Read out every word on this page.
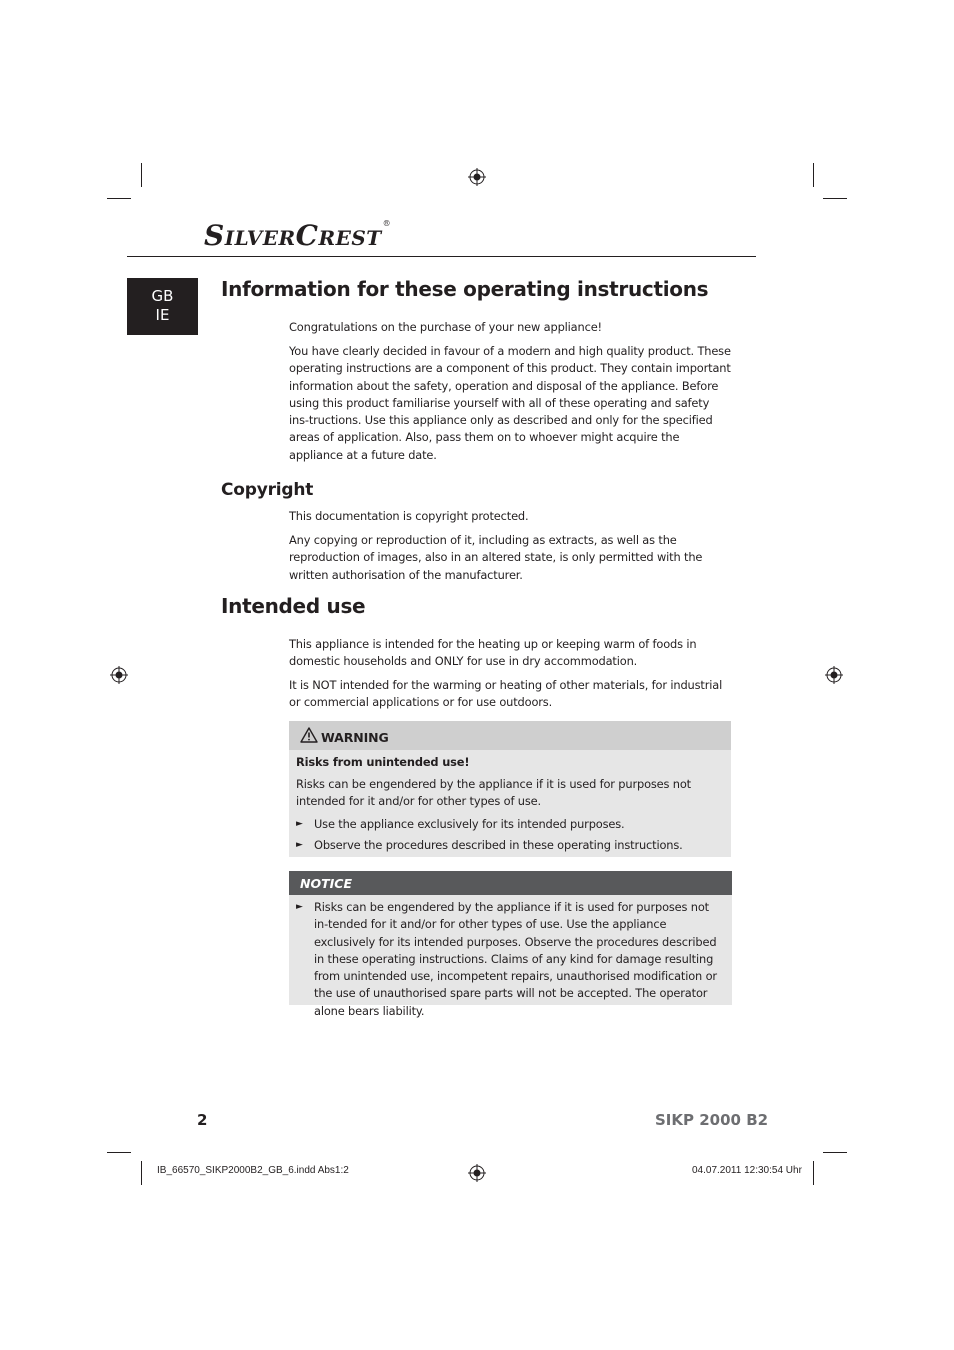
SILVERCREST®
GB
IE
Information for these operating instructions

Congratulations on the purchase of your new appliance!

You have clearly decided in favour of a modern and high quality product. These operating instructions are a component of this product. They contain important information about the safety, operation and disposal of the appliance. Before using this product familiarise yourself with all of these operating and safety ins-tructions. Use this appliance only as described and only for the specified areas of application. Also, pass them on to whoever might acquire the appliance at a future date.

Copyright

This documentation is copyright protected.

Any copying or reproduction of it, including as extracts, as well as the reproduction of images, also in an altered state, is only permitted with the written authorisation of the manufacturer.

Intended use

This appliance is intended for the heating up or keeping warm of foods in domestic households and ONLY for use in dry accommodation.

It is NOT intended for the warming or heating of other materials, for industrial or commercial applications or for use outdoors.

WARNING
Risks from unintended use!
Risks can be engendered by the appliance if it is used for purposes not intended for it and/or for other types of use.
► Use the appliance exclusively for its intended purposes.
► Observe the procedures described in these operating instructions.
NOTICE
► Risks can be engendered by the appliance if it is used for purposes not in-tended for it and/or for other types of use. Use the appliance exclusively for its intended purposes. Observe the procedures described in these operating instructions. Claims of any kind for damage resulting from unintended use, incompetent repairs, unauthorised modification or the use of unauthorised spare parts will not be accepted. The operator alone bears liability.
2	SIKP 2000 B2
IB_66570_SIKP2000B2_GB_6.indd Abs1:2	04.07.2011 12:30:54 Uhr
